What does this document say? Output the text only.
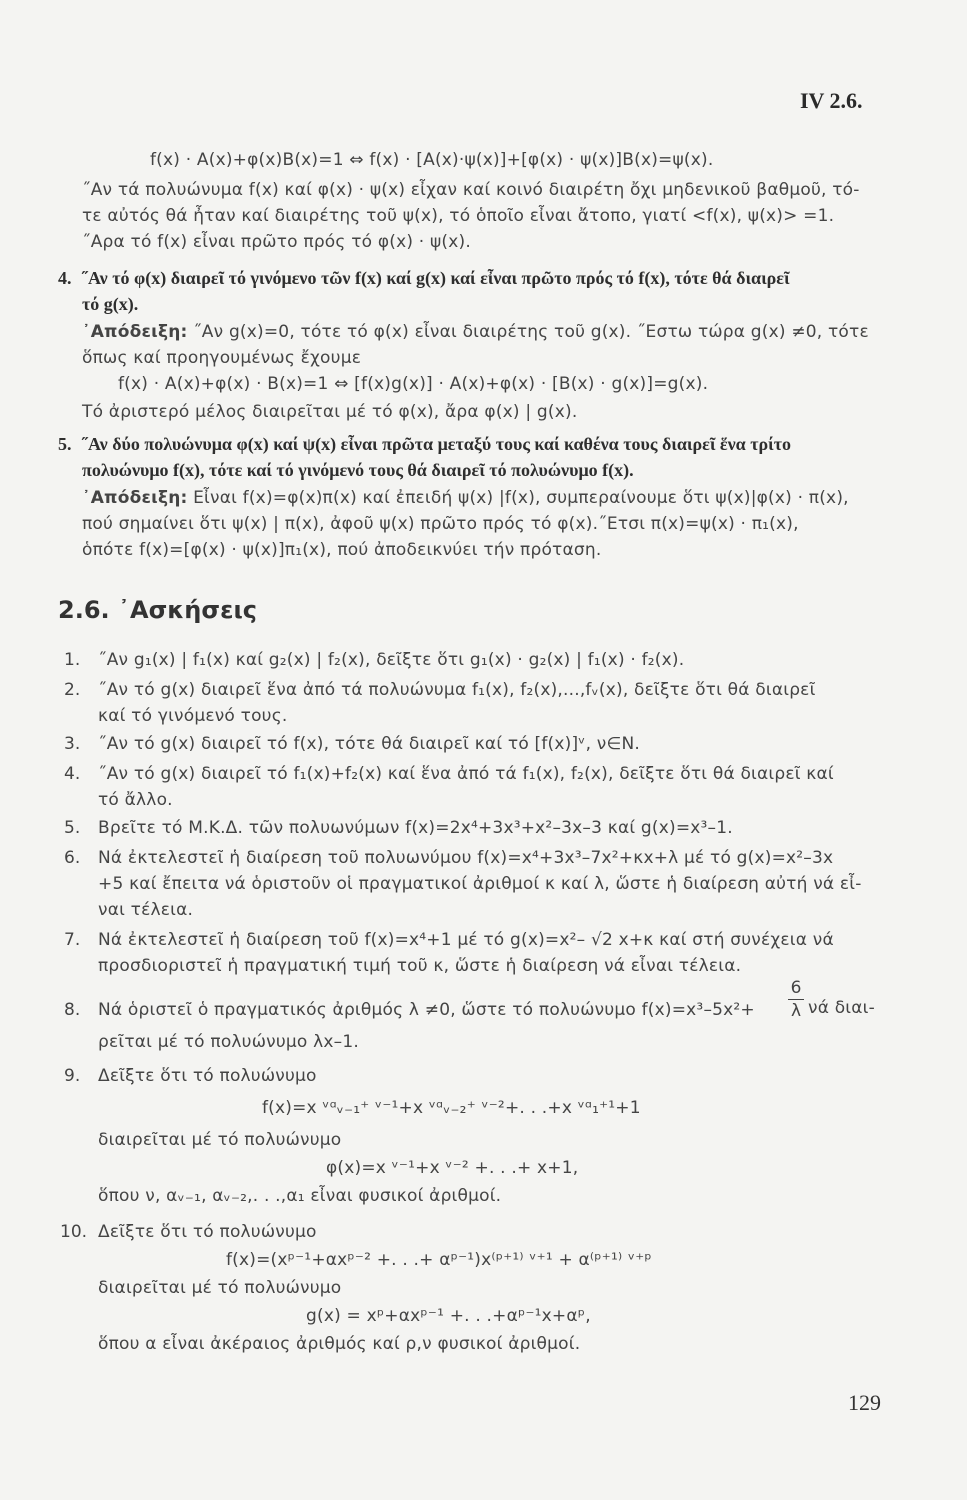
IV 2.6.
f(x) · A(x)+φ(x)B(x)=1 ⇔ f(x) · [A(x)·ψ(x)]+[φ(x) · ψ(x)]B(x)=ψ(x).
˝Αν τά πολυώνυμα f(x) καί φ(x) · ψ(x) εἶχαν καί κοινό διαιρέτη ὄχι μηδενικοῦ βαθμοῦ, τό-
τε αὐτός θά ἦταν καί διαιρέτης τοῦ ψ(x), τό ὁποῖο εἶναι ἄτοπο, γιατί <f(x), ψ(x)> =1.
˝Αρα τό f(x) εἶναι πρῶτο πρός τό φ(x) · ψ(x).
4. ˝Αν τό φ(x) διαιρεῖ τό γινόμενο τῶν f(x) καί g(x) καί εἶναι πρῶτο πρός τό f(x), τότε θά διαιρεῖ
τό g(x).
᾿Απόδειξη: ˝Αν g(x)=0, τότε τό φ(x) εἶναι διαιρέτης τοῦ g(x). ˝Εστω τώρα g(x) ≠0, τότε
ὅπως καί προηγουμένως ἔχουμε
f(x) · A(x)+φ(x) · B(x)=1 ⇔ [f(x)g(x)] · A(x)+φ(x) · [B(x) · g(x)]=g(x).
Τό ἀριστερό μέλος διαιρεῖται μέ τό φ(x), ἄρα φ(x) | g(x).
5. ˝Αν δύο πολυώνυμα φ(x) καί ψ(x) εἶναι πρῶτα μεταξύ τους καί καθένα τους διαιρεῖ ἕνα τρίτο
πολυώνυμο f(x), τότε καί τό γινόμενό τους θά διαιρεῖ τό πολυώνυμο f(x).
᾿Απόδειξη: Εἶναι f(x)=φ(x)π(x) καί ἐπειδή ψ(x) |f(x), συμπεραίνουμε ὅτι ψ(x)|φ(x) · π(x),
πού σημαίνει ὅτι ψ(x) | π(x), ἀφοῦ ψ(x) πρῶτο πρός τό φ(x).˝Ετσι π(x)=ψ(x) · π₁(x),
ὁπότε f(x)=[φ(x) · ψ(x)]π₁(x), πού ἀποδεικνύει τήν πρόταση.
2.6. ᾿Ασκήσεις
1. ˝Αν g₁(x) | f₁(x) καί g₂(x) | f₂(x), δεῖξτε ὅτι g₁(x) · g₂(x) | f₁(x) · f₂(x).
2. ˝Αν τό g(x) διαιρεῖ ἕνα ἀπό τά πολυώνυμα f₁(x), f₂(x),...,fᵥ(x), δεῖξτε ὅτι θά διαιρεῖ
καί τό γινόμενό τους.
3. ˝Αν τό g(x) διαιρεῖ τό f(x), τότε θά διαιρεῖ καί τό [f(x)]ᵛ, ν∈N.
4. ˝Αν τό g(x) διαιρεῖ τό f₁(x)+f₂(x) καί ἕνα ἀπό τά f₁(x), f₂(x), δεῖξτε ὅτι θά διαιρεῖ καί
τό ἄλλο.
5. Βρεῖτε τό Μ.Κ.Δ. τῶν πολυωνύμων f(x)=2x⁴+3x³+x²–3x–3 καί g(x)=x³–1.
6. Νά ἐκτελεστεῖ ἡ διαίρεση τοῦ πολυωνύμου f(x)=x⁴+3x³–7x²+κx+λ μέ τό g(x)=x²–3x
+5 καί ἔπειτα νά ὁριστοῦν οἱ πραγματικοί ἀριθμοί κ καί λ, ὥστε ἡ διαίρεση αὐτή νά εἶ-
ναι τέλεια.
7. Νά ἐκτελεστεῖ ἡ διαίρεση τοῦ f(x)=x⁴+1 μέ τό g(x)=x²– √2 x+κ καί στή συνέχεια νά
προσδιοριστεῖ ἡ πραγματική τιμή τοῦ κ, ὥστε ἡ διαίρεση νά εἶναι τέλεια.
8. Νά ὁριστεῖ ὁ πραγματικός ἀριθμός λ ≠0, ὥστε τό πολυώνυμο f(x)=x³–5x²+
6
λ νά διαι-
ρεῖται μέ τό πολυώνυμο λx–1.
9. Δεῖξτε ὅτι τό πολυώνυμο
f(x)=x ᵛᵅᵥ₋₁⁺ ᵛ⁻¹+x ᵛᵅᵥ₋₂⁺ ᵛ⁻²+. . .+x ᵛᵅ₁⁺¹+1
διαιρεῖται μέ τό πολυώνυμο
φ(x)=x ᵛ⁻¹+x ᵛ⁻² +. . .+ x+1,
ὅπου ν, αᵥ₋₁, αᵥ₋₂,. . .,α₁ εἶναι φυσικοί ἀριθμοί.
10. Δεῖξτε ὅτι τό πολυώνυμο
f(x)=(xᵖ⁻¹+αxᵖ⁻² +. . .+ αᵖ⁻¹)x⁽ᵖ⁺¹⁾ ᵛ⁺¹ + α⁽ᵖ⁺¹⁾ ᵛ⁺ᵖ
διαιρεῖται μέ τό πολυώνυμο
g(x) = xᵖ+αxᵖ⁻¹ +. . .+αᵖ⁻¹x+αᵖ,
ὅπου α εἶναι ἀκέραιος ἀριθμός καί ρ,ν φυσικοί ἀριθμοί.
129
